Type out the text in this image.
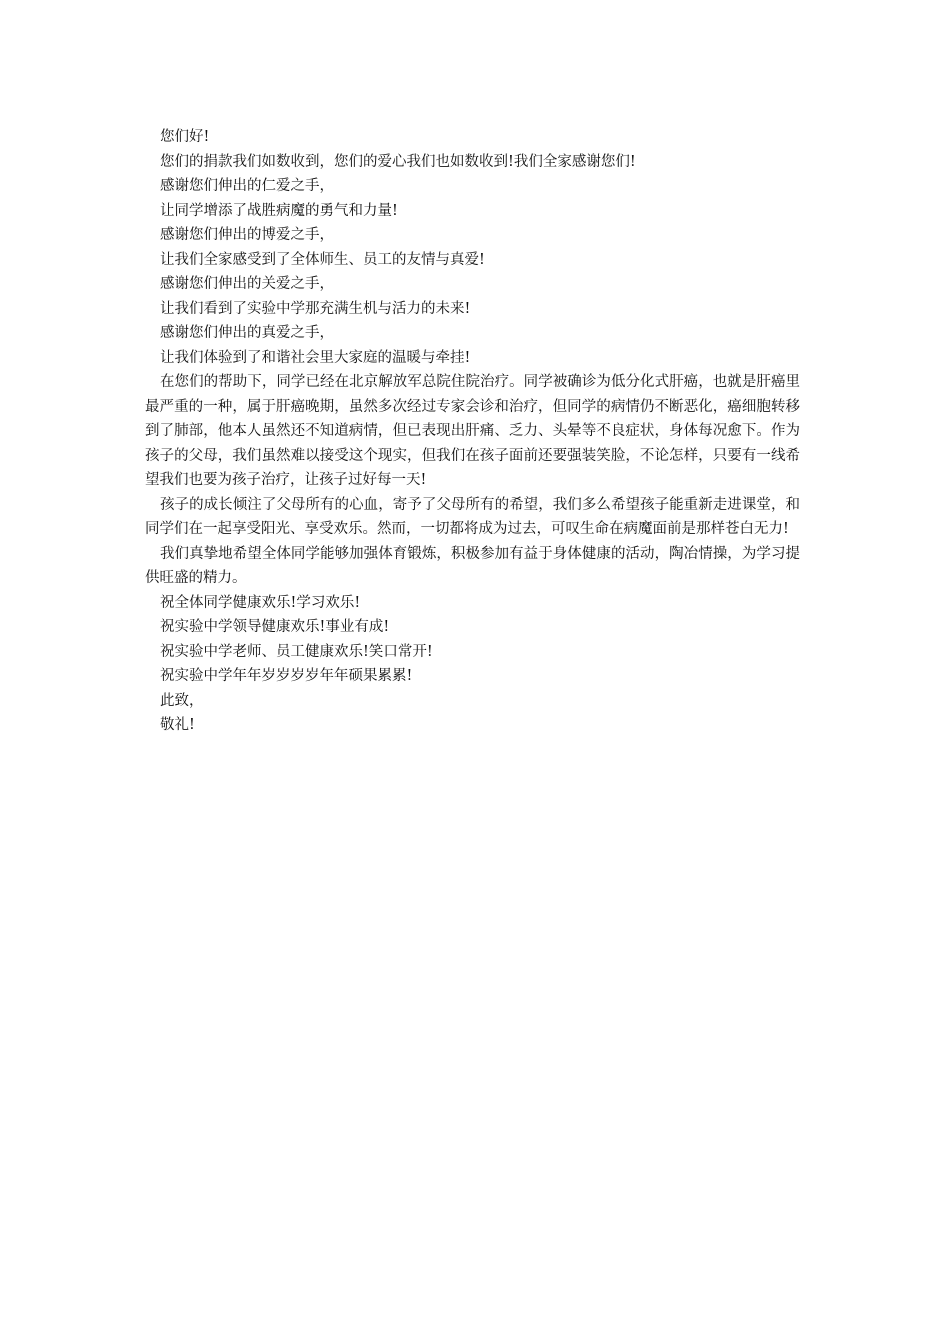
您们好!

您们的捐款我们如数收到，您们的爱心我们也如数收到!我们全家感谢您们!

感谢您们伸出的仁爱之手，

让同学增添了战胜病魔的勇气和力量!

感谢您们伸出的博爱之手，

让我们全家感受到了全体师生、员工的友情与真爱!

感谢您们伸出的关爱之手，

让我们看到了实验中学那充满生机与活力的未来!

感谢您们伸出的真爱之手，

让我们体验到了和谐社会里大家庭的温暖与牵挂!

在您们的帮助下，同学已经在北京解放军总院住院治疗。同学被确诊为低分化式肝癌，也就是肝癌里最严重的一种，属于肝癌晚期，虽然多次经过专家会诊和治疗，但同学的病情仍不断恶化，癌细胞转移到了肺部，他本人虽然还不知道病情，但已表现出肝痛、乏力、头晕等不良症状，身体每况愈下。作为孩子的父母，我们虽然难以接受这个现实，但我们在孩子面前还要强装笑脸，不论怎样，只要有一线希望我们也要为孩子治疗，让孩子过好每一天!

孩子的成长倾注了父母所有的心血，寄予了父母所有的希望，我们多么希望孩子能重新走进课堂，和同学们在一起享受阳光、享受欢乐。然而，一切都将成为过去，可叹生命在病魔面前是那样苍白无力!

我们真挚地希望全体同学能够加强体育锻炼，积极参加有益于身体健康的活动，陶冶情操，为学习提供旺盛的精力。

祝全体同学健康欢乐!学习欢乐!

祝实验中学领导健康欢乐!事业有成!

祝实验中学老师、员工健康欢乐!笑口常开!

祝实验中学年年岁岁岁岁年年硕果累累!

此致，

敬礼!
